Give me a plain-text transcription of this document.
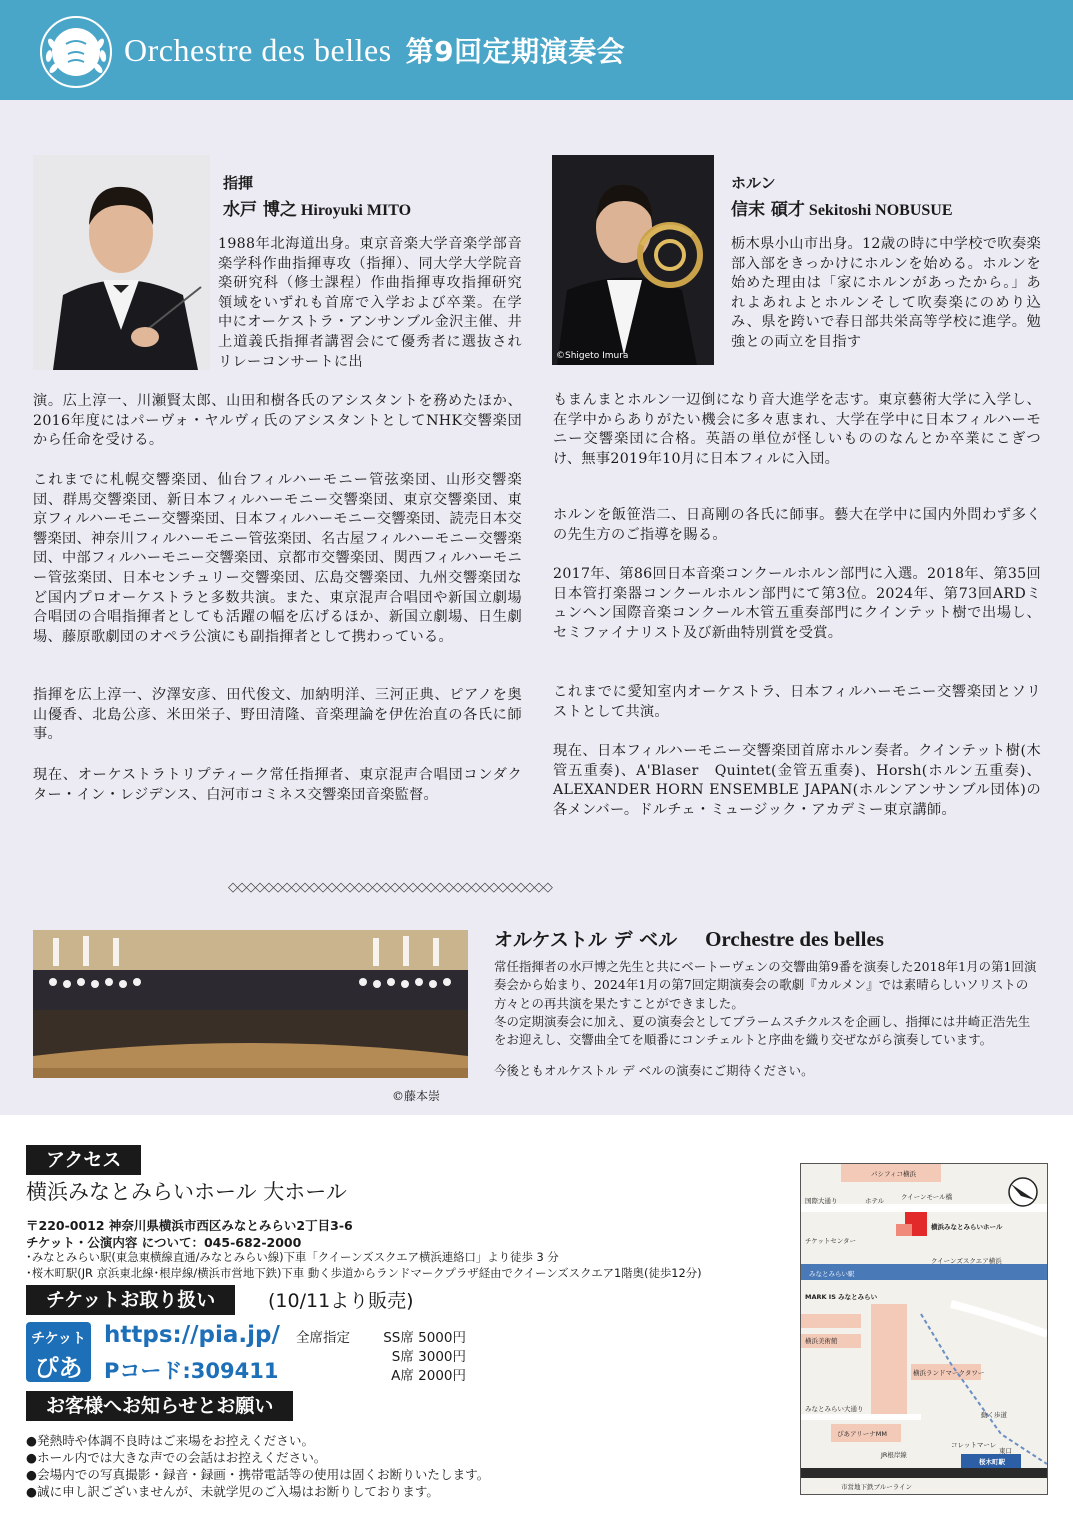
Orchestre des belles 第9回定期演奏会
指揮
水戸 博之 Hiroyuki MITO

1988年北海道出身。東京音楽大学音楽学部音楽学科作曲指揮専攻（指揮）、同大学大学院音楽研究科（修士課程）作曲指揮専攻指揮研究領域をいずれも首席で入学および卒業。在学中にオーケストラ・アンサンブル金沢主催、井上道義氏指揮者講習会にて優秀者に選抜されリレーコンサートに出

演。広上淳一、川瀬賢太郎、山田和樹各氏のアシスタントを務めたほか、2016年度にはパーヴォ・ヤルヴィ氏のアシスタントとしてNHK交響楽団から任命を受ける。

これまでに札幌交響楽団、仙台フィルハーモニー管弦楽団、山形交響楽団、群馬交響楽団、新日本フィルハーモニー交響楽団、東京交響楽団、東京フィルハーモニー交響楽団、日本フィルハーモニー交響楽団、読売日本交響楽団、神奈川フィルハーモニー管弦楽団、名古屋フィルハーモニー交響楽団、中部フィルハーモニー交響楽団、京都市交響楽団、関西フィルハーモニー管弦楽団、日本センチュリー交響楽団、広島交響楽団、九州交響楽団など国内プロオーケストラと多数共演。また、東京混声合唱団や新国立劇場合唱団の合唱指揮者としても活躍の幅を広げるほか、新国立劇場、日生劇場、藤原歌劇団のオペラ公演にも副指揮者として携わっている。

指揮を広上淳一、汐澤安彦、田代俊文、加納明洋、三河正典、ピアノを奥山優香、北島公彦、米田栄子、野田清隆、音楽理論を伊佐治直の各氏に師事。

現在、オーケストラトリプティーク常任指揮者、東京混声合唱団コンダクター・イン・レジデンス、白河市コミネス交響楽団音楽監督。

©Shigeto Imura
ホルン
信末 碩才 Sekitoshi NOBUSUE

栃木県小山市出身。12歳の時に中学校で吹奏楽部入部をきっかけにホルンを始める。ホルンを始めた理由は「家にホルンがあったから。」あれよあれよとホルンそして吹奏楽にのめり込み、県を跨いで春日部共栄高等学校に進学。勉強との両立を目指す

もまんまとホルン一辺倒になり音大進学を志す。東京藝術大学に入学し、在学中からありがたい機会に多々恵まれ、大学在学中に日本フィルハーモニー交響楽団に合格。英語の単位が怪しいもののなんとか卒業にこぎつけ、無事2019年10月に日本フィルに入団。

ホルンを飯笹浩二、日髙剛の各氏に師事。藝大在学中に国内外問わず多くの先生方のご指導を賜る。

2017年、第86回日本音楽コンクールホルン部門に入選。2018年、第35回日本管打楽器コンクールホルン部門にて第3位。2024年、第73回ARDミュンヘン国際音楽コンクール木管五重奏部門にクインテット樹で出場し、セミファイナリスト及び新曲特別賞を受賞。

これまでに愛知室内オーケストラ、日本フィルハーモニー交響楽団とソリストとして共演。

現在、日本フィルハーモニー交響楽団首席ホルン奏者。クインテット樹(木管五重奏)、A'Blaser　Quintet(金管五重奏)、Horsh(ホルン五重奏)、ALEXANDER HORN ENSEMBLE JAPAN(ホルンアンサンブル団体)の各メンバー。ドルチェ・ミュージック・アカデミー東京講師。

◇◇◇◇◇◇◇◇◇◇◇◇◇◇◇◇◇◇◇◇◇◇◇◇◇◇◇◇◇◇◇◇◇◇◇◇
オルケストル デ ベル Orchestre des belles

常任指揮者の水戸博之先生と共にベートーヴェンの交響曲第9番を演奏した2018年1月の第1回演奏会から始まり、2024年1月の第7回定期演奏会の歌劇『カルメン』では素晴らしいソリストの方々との再共演を果たすことができました。

冬の定期演奏会に加え、夏の演奏会としてブラームスチクルスを企画し、指揮には井崎正浩先生をお迎えし、交響曲全てを順番にコンチェルトと序曲を織り交ぜながら演奏しています。

今後ともオルケストル デ ベルの演奏にご期待ください。

©藤本崇
アクセス
横浜みなとみらいホール 大ホール
〒220-0012 神奈川県横浜市西区みなとみらい2丁目3-6
チケット・公演内容 について：045-682-2000
･みなとみらい駅(東急東横線直通/みなとみらい線)下車「クイーンズスクエア横浜連絡口」より徒歩 3 分
･桜木町駅(JR 京浜東北線･根岸線/横浜市営地下鉄)下車 動く歩道からランドマークプラザ経由でクイーンズスクエア1階奥(徒歩12分)
チケットお取り扱い	(10/11より販売)
チケット
ぴあ
https://pia.jp/
Pコード:309411
全席指定	SS席 5000円
S席 3000円
A席 2000円
お客様へお知らせとお願い
●発熱時や体調不良時はご来場をお控えください。
●ホール内では大きな声での会話はお控えください。
●会場内での写真撮影・録音・録画・携帯電話等の使用は固くお断りいたします。
●誠に申し訳ございませんが、未就学児のご入場はお断りしております。
パシフィコ横浜
国際大通り	ホテル	クイーンモール橋
チケットセンター
横浜みなとみらいホール
みなとみらい駅
クイーンズスクエア横浜
MARK IS みなとみらい
横浜美術館
横浜ランドマークタワー
みなとみらい大通り
ぴあアリーナMM
動く歩道
コレットマーレ
JR根岸線	東口
桜木町駅
市営地下鉄ブルーライン
